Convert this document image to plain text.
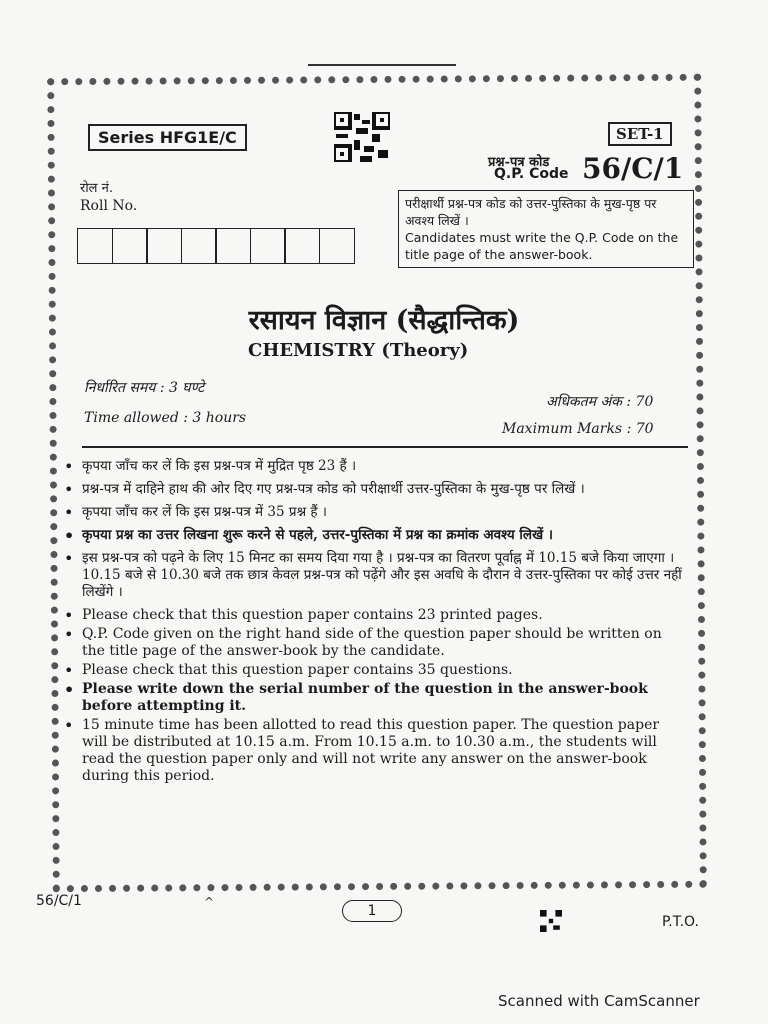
Series HFG1E/C	SET-1
प्रश्न-पत्र कोड
Q.P. Code 56/C/1
रोल नं.
Roll No.	परीक्षार्थी प्रश्न-पत्र कोड को उत्तर-पुस्तिका के मुख-पृष्ठ पर अवश्य लिखें ।
Candidates must write the Q.P. Code on the title page of the answer-book.
रसायन विज्ञान (सैद्धान्तिक)
CHEMISTRY (Theory)
निर्धारित समय : 3 घण्टे
Time allowed : 3 hours
अधिकतम अंक : 70
Maximum Marks : 70
• कृपया जाँच कर लें कि इस प्रश्न-पत्र में मुद्रित पृष्ठ 23 हैं ।
• प्रश्न-पत्र में दाहिने हाथ की ओर दिए गए प्रश्न-पत्र कोड को परीक्षार्थी उत्तर-पुस्तिका के मुख-पृष्ठ पर लिखें ।
• कृपया जाँच कर लें कि इस प्रश्न-पत्र में 35 प्रश्न हैं ।
• कृपया प्रश्न का उत्तर लिखना शुरू करने से पहले, उत्तर-पुस्तिका में प्रश्न का क्रमांक अवश्य लिखें ।
• इस प्रश्न-पत्र को पढ़ने के लिए 15 मिनट का समय दिया गया है । प्रश्न-पत्र का वितरण पूर्वाह्न में 10.15 बजे किया जाएगा । 10.15 बजे से 10.30 बजे तक छात्र केवल प्रश्न-पत्र को पढ़ेंगे और इस अवधि के दौरान वे उत्तर-पुस्तिका पर कोई उत्तर नहीं लिखेंगे ।
• Please check that this question paper contains 23 printed pages.
• Q.P. Code given on the right hand side of the question paper should be written on the title page of the answer-book by the candidate.
• Please check that this question paper contains 35 questions.
• Please write down the serial number of the question in the answer-book before attempting it.
• 15 minute time has been allotted to read this question paper. The question paper will be distributed at 10.15 a.m. From 10.15 a.m. to 10.30 a.m., the students will read the question paper only and will not write any answer on the answer-book during this period.
56/C/1	^
1
P.T.O.
Scanned with CamScanner
